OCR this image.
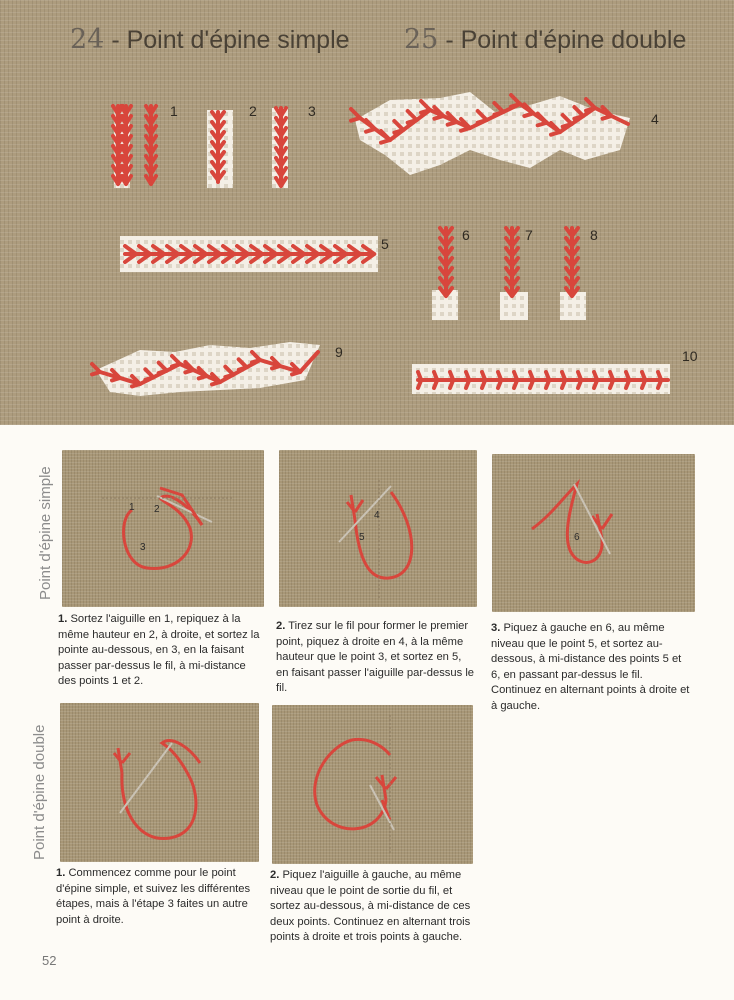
24 - Point d'épine simple 25 - Point d'épine double
1	2	3	4
5
6	7	8
9	10
Point d'épine simple
Point d'épine double
1 2
3
4
5	6
1. Sortez l'aiguille en 1, repiquez à la même hauteur en 2, à droite, et sortez la pointe au-dessous, en 3, en la faisant passer par-dessus le fil, à mi-distance des points 1 et 2.
2. Tirez sur le fil pour former le premier point, piquez à droite en 4, à la même hauteur que le point 3, et sortez en 5, en faisant passer l'aiguille par-dessus le fil.
3. Piquez à gauche en 6, au même niveau que le point 5, et sortez au-dessous, à mi-distance des points 5 et 6, en passant par-dessus le fil. Continuez en alternant points à droite et à gauche.
1. Commencez comme pour le point d'épine simple, et suivez les différentes étapes, mais à l'étape 3 faites un autre point à droite.
2. Piquez l'aiguille à gauche, au même niveau que le point de sortie du fil, et sortez au-dessous, à mi-distance de ces deux points. Continuez en alternant trois points à droite et trois points à gauche.
52
